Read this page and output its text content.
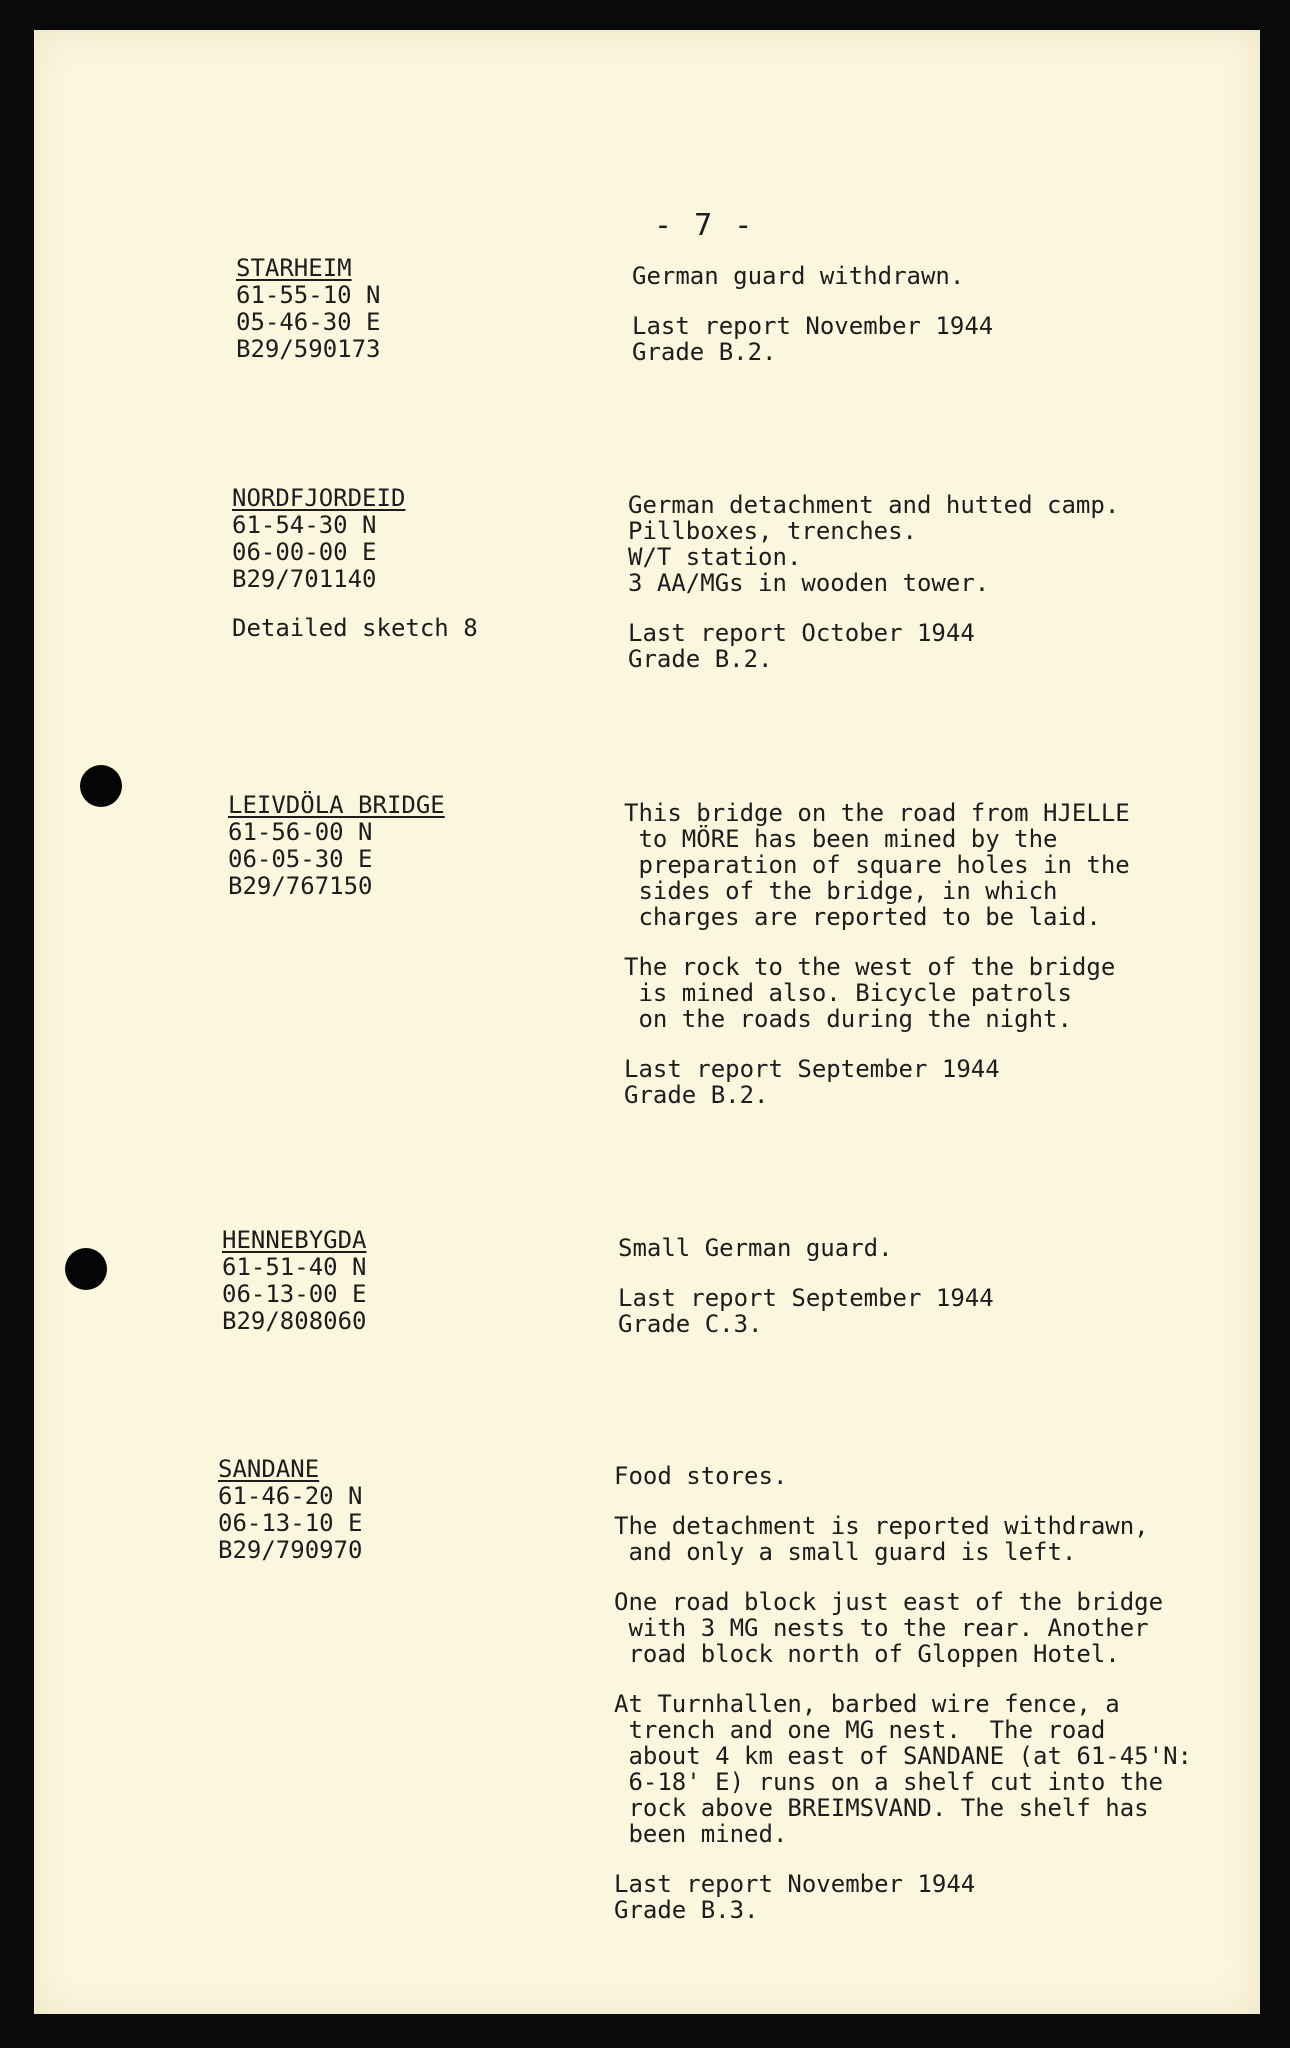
- 7 -
STARHEIM
61-55-10 N
05-46-30 E
B29/590173

German guard withdrawn.

Last report November 1944
Grade B.2.

NORDFJORDEID
61-54-30 N
06-00-00 E
B29/701140
Detailed sketch 8

German detachment and hutted camp.
Pillboxes, trenches.
W/T station.
3 AA/MGs in wooden tower.

Last report October 1944
Grade B.2.

LEIVDÖLA BRIDGE
61-56-00 N
06-05-30 E
B29/767150

This bridge on the road from HJELLE
to MÖRE has been mined by the
preparation of square holes in the
sides of the bridge, in which
charges are reported to be laid.

The rock to the west of the bridge
is mined also. Bicycle patrols
on the roads during the night.

Last report September 1944
Grade B.2.

HENNEBYGDA
61-51-40 N
06-13-00 E
B29/808060

Small German guard.

Last report September 1944
Grade C.3.

SANDANE
61-46-20 N
06-13-10 E
B29/790970

Food stores.

The detachment is reported withdrawn,
and only a small guard is left.

One road block just east of the bridge
with 3 MG nests to the rear. Another
road block north of Gloppen Hotel.

At Turnhallen, barbed wire fence, a
trench and one MG nest.  The road
about 4 km east of SANDANE (at 61-45'N:
6-18' E) runs on a shelf cut into the
rock above BREIMSVAND. The shelf has
been mined.

Last report November 1944
Grade B.3.
